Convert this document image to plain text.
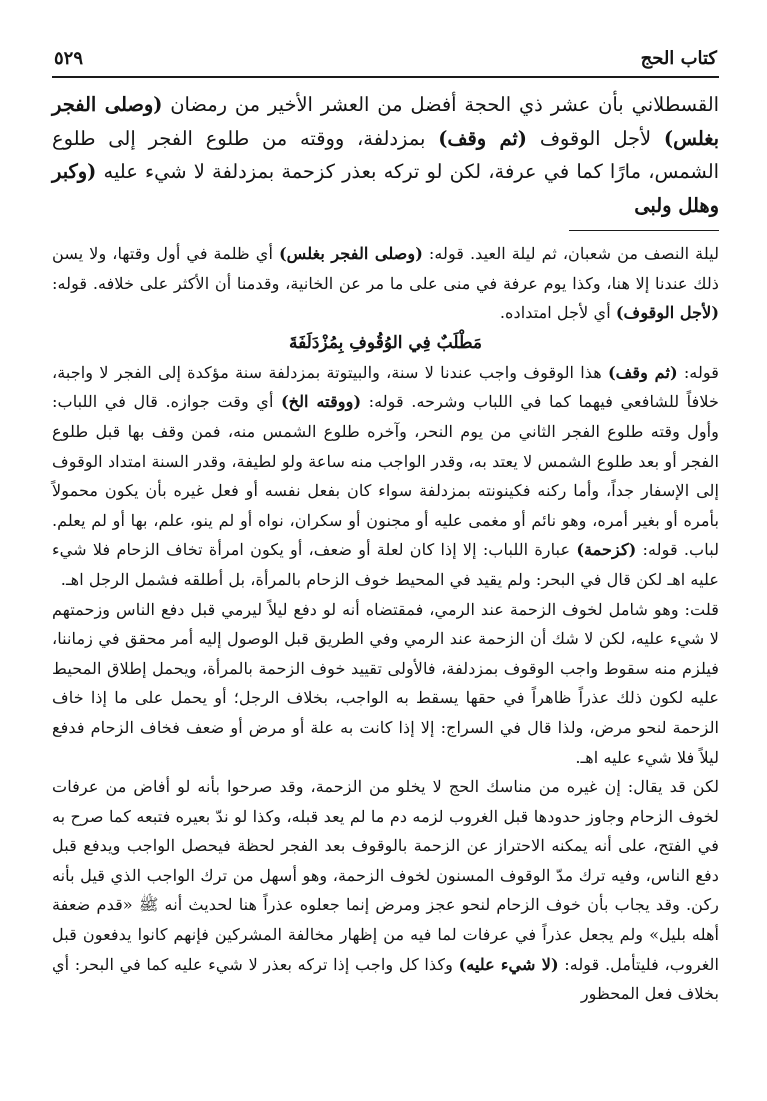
كتاب الحج
٥٢٩

القسطلاني بأن عشر ذي الحجة أفضل من العشر الأخير من رمضان (وصلى الفجر بغلس) لأجل الوقوف (ثم وقف) بمزدلفة، ووقته من طلوع الفجر إلى طلوع الشمس، مارًا كما في عرفة، لكن لو تركه بعذر كزحمة بمزدلفة لا شيء عليه (وكبر وهلل ولبى

ليلة النصف من شعبان، ثم ليلة العيد. قوله: (وصلى الفجر بغلس) أي ظلمة في أول وقتها، ولا يسن ذلك عندنا إلا هنا، وكذا يوم عرفة في منى على ما مر عن الخانية، وقدمنا أن الأكثر على خلافه. قوله: (لأجل الوقوف) أي لأجل امتداده.

مَطْلَبٌ فِي الوُقُوفِ بِمُزْدَلَفَةَ

قوله: (ثم وقف) هذا الوقوف واجب عندنا لا سنة، والبيتوتة بمزدلفة سنة مؤكدة إلى الفجر لا واجبة، خلافاً للشافعي فيهما كما في اللباب وشرحه. قوله: (ووقته الخ) أي وقت جوازه. قال في اللباب: وأول وقته طلوع الفجر الثاني من يوم النحر، وآخره طلوع الشمس منه، فمن وقف بها قبل طلوع الفجر أو بعد طلوع الشمس لا يعتد به، وقدر الواجب منه ساعة ولو لطيفة، وقدر السنة امتداد الوقوف إلى الإسفار جداً، وأما ركنه فكينونته بمزدلفة سواء كان بفعل نفسه أو فعل غيره بأن يكون محمولاً بأمره أو بغير أمره، وهو نائم أو مغمى عليه أو مجنون أو سكران، نواه أو لم ينو، علم، بها أو لم يعلم. لباب. قوله: (كزحمة) عبارة اللباب: إلا إذا كان لعلة أو ضعف، أو يكون امرأة تخاف الزحام فلا شيء عليه اهـ لكن قال في البحر: ولم يقيد في المحيط خوف الزحام بالمرأة، بل أطلقه فشمل الرجل اهـ.

قلت: وهو شامل لخوف الزحمة عند الرمي، فمقتضاه أنه لو دفع ليلاً ليرمي قبل دفع الناس وزحمتهم لا شيء عليه، لكن لا شك أن الزحمة عند الرمي وفي الطريق قبل الوصول إليه أمر محقق في زماننا، فيلزم منه سقوط واجب الوقوف بمزدلفة، فالأولى تقييد خوف الزحمة بالمرأة، ويحمل إطلاق المحيط عليه لكون ذلك عذراً ظاهراً في حقها يسقط به الواجب، بخلاف الرجل؛ أو يحمل على ما إذا خاف الزحمة لنحو مرض، ولذا قال في السراج: إلا إذا كانت به علة أو مرض أو ضعف فخاف الزحام فدفع ليلاً فلا شيء عليه اهـ.

لكن قد يقال: إن غيره من مناسك الحج لا يخلو من الزحمة، وقد صرحوا بأنه لو أفاض من عرفات لخوف الزحام وجاوز حدودها قبل الغروب لزمه دم ما لم يعد قبله، وكذا لو ندّ بعيره فتبعه كما صرح به في الفتح، على أنه يمكنه الاحتراز عن الزحمة بالوقوف بعد الفجر لحظة فيحصل الواجب ويدفع قبل دفع الناس، وفيه ترك مدّ الوقوف المسنون لخوف الزحمة، وهو أسهل من ترك الواجب الذي قيل بأنه ركن. وقد يجاب بأن خوف الزحام لنحو عجز ومرض إنما جعلوه عذراً هنا لحديث أنه ﷺ «قدم ضعفة أهله بليل» ولم يجعل عذراً في عرفات لما فيه من إظهار مخالفة المشركين فإنهم كانوا يدفعون قبل الغروب، فليتأمل. قوله: (لا شيء عليه) وكذا كل واجب إذا تركه بعذر لا شيء عليه كما في البحر: أي بخلاف فعل المحظور
